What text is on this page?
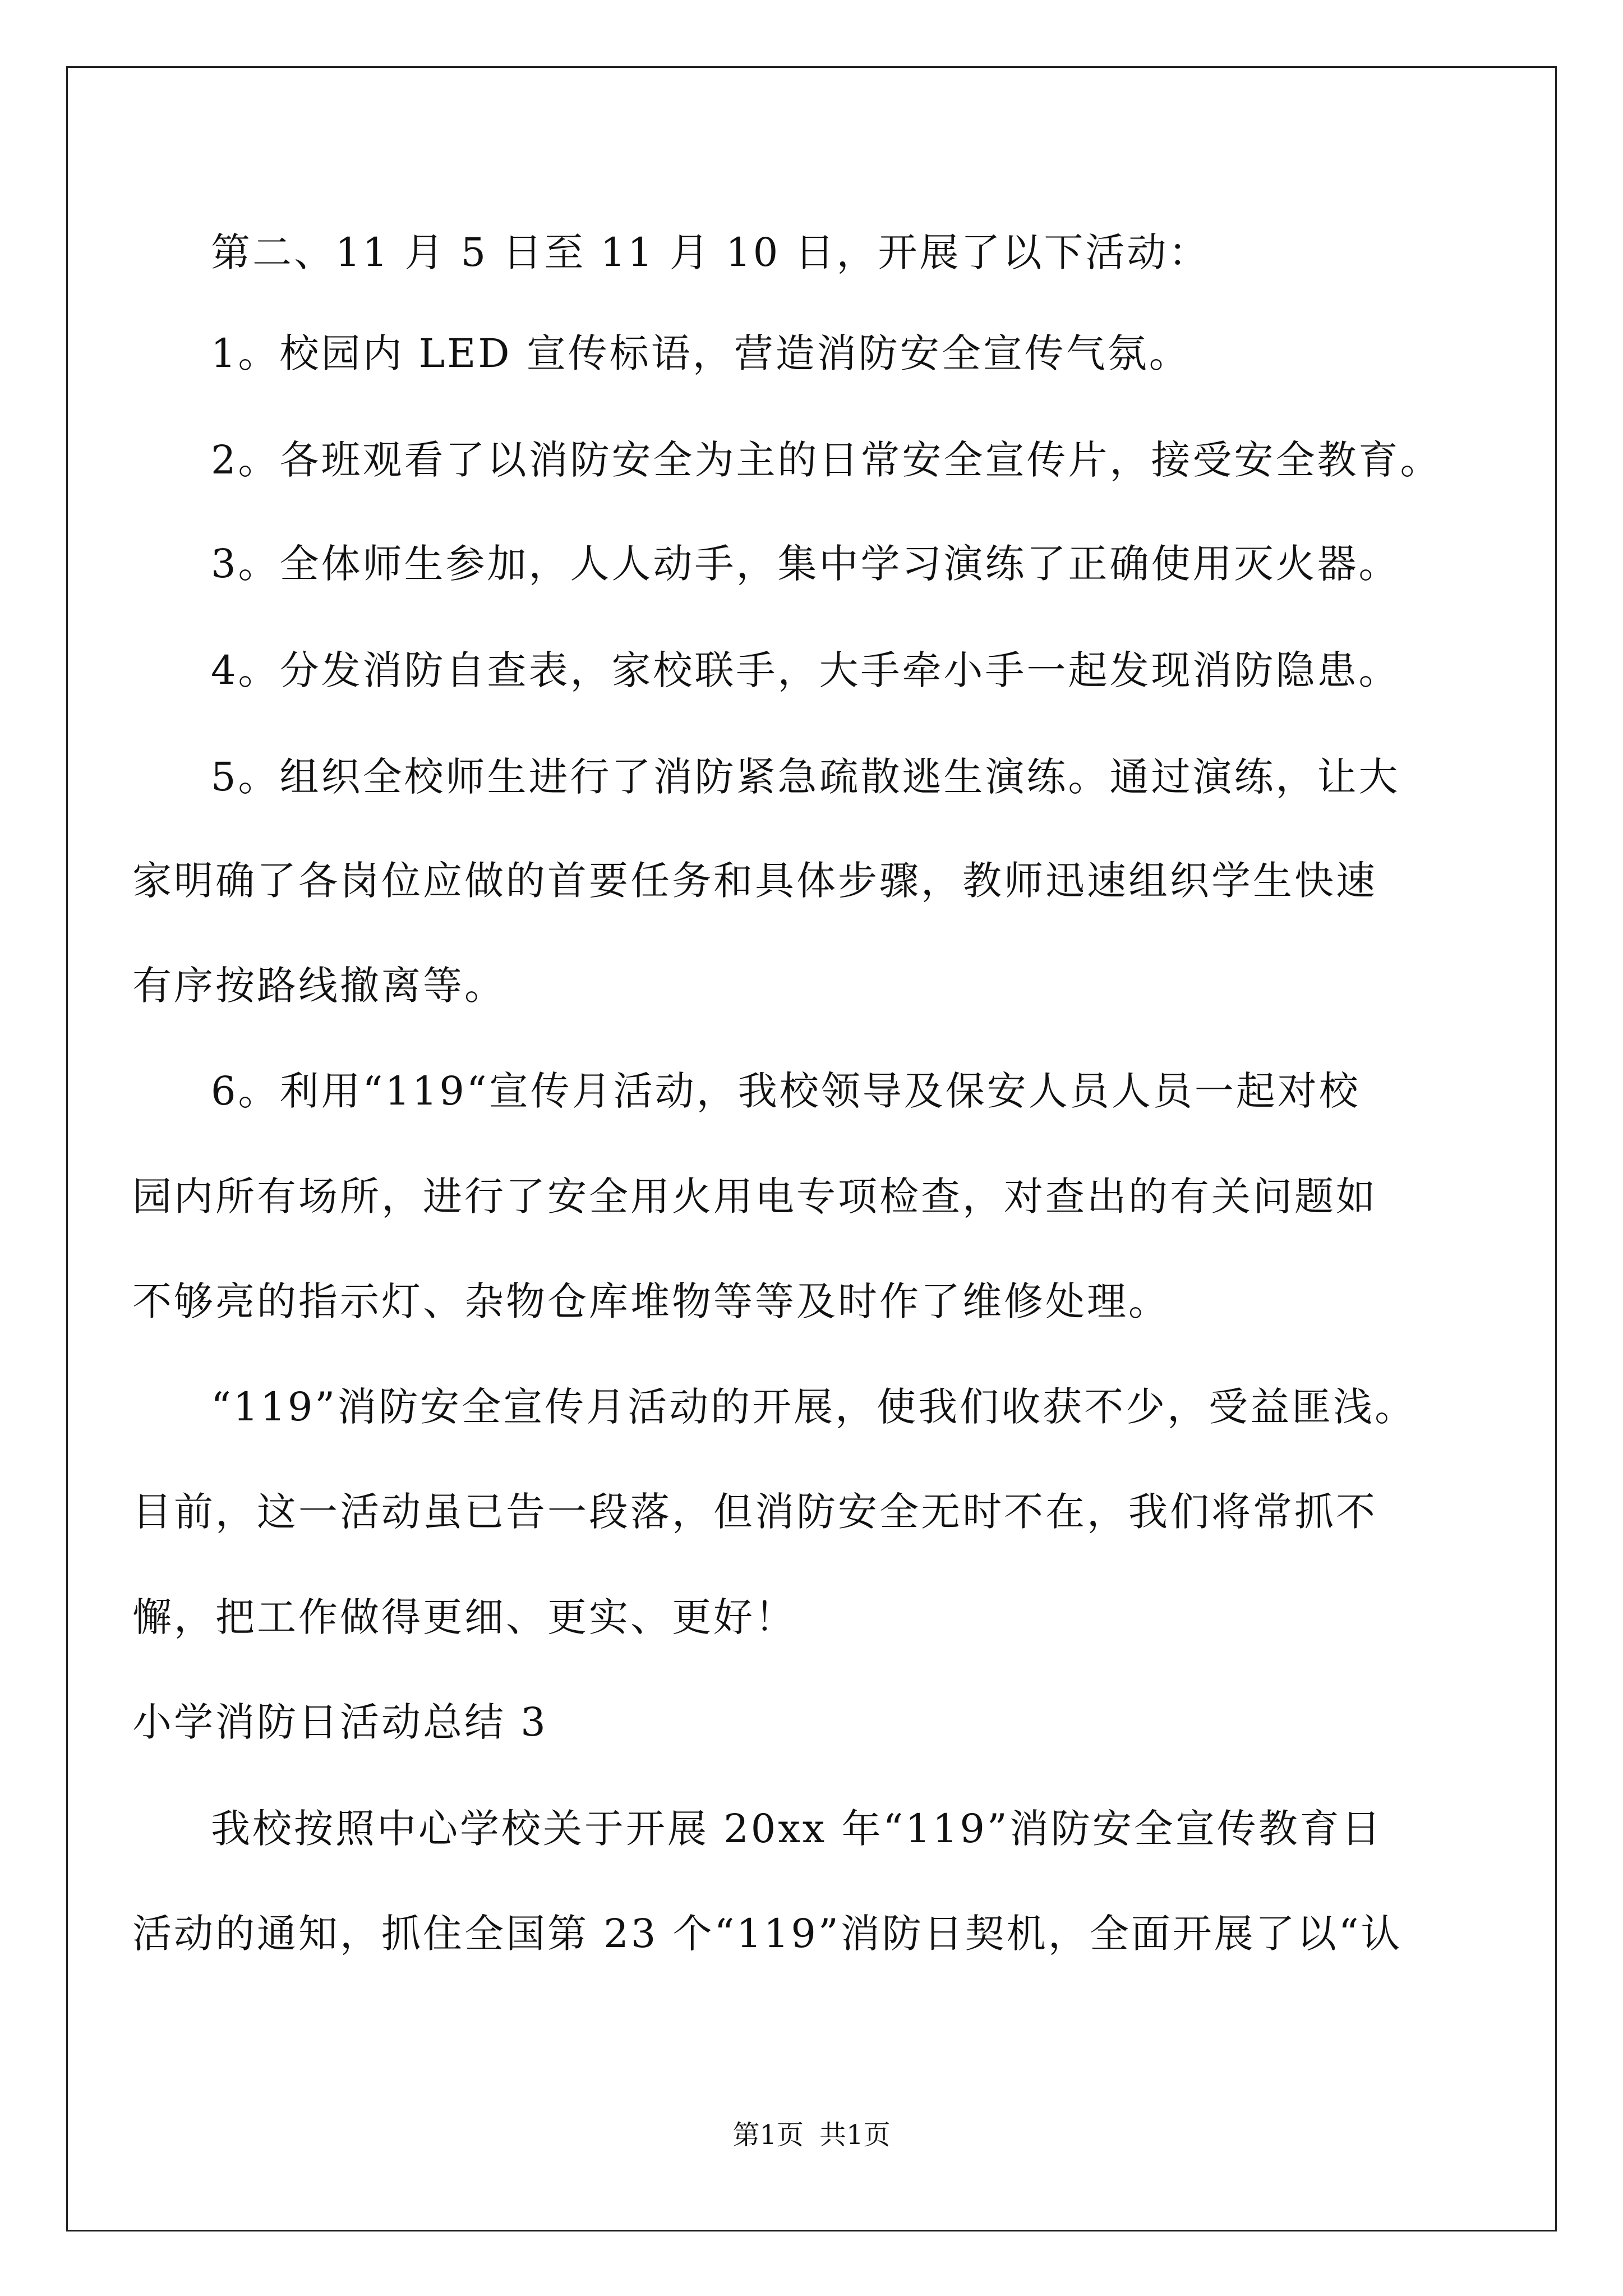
第二、11 月 5 日至 11 月 10 日，开展了以下活动：
1。校园内 LED 宣传标语，营造消防安全宣传气氛。
2。各班观看了以消防安全为主的日常安全宣传片，接受安全教育。
3。全体师生参加，人人动手，集中学习演练了正确使用灭火器。
4。分发消防自查表，家校联手，大手牵小手一起发现消防隐患。
5。组织全校师生进行了消防紧急疏散逃生演练。通过演练，让大
家明确了各岗位应做的首要任务和具体步骤，教师迅速组织学生快速
有序按路线撤离等。
6。利用“119“宣传月活动，我校领导及保安人员人员一起对校
园内所有场所，进行了安全用火用电专项检查，对查出的有关问题如
不够亮的指示灯、杂物仓库堆物等等及时作了维修处理。
“119”消防安全宣传月活动的开展，使我们收获不少，受益匪浅。
目前，这一活动虽已告一段落，但消防安全无时不在，我们将常抓不
懈，把工作做得更细、更实、更好！
小学消防日活动总结 3
我校按照中心学校关于开展 20xx 年“119”消防安全宣传教育日
活动的通知，抓住全国第 23 个“119”消防日契机，全面开展了以“认
第1页 共1页
